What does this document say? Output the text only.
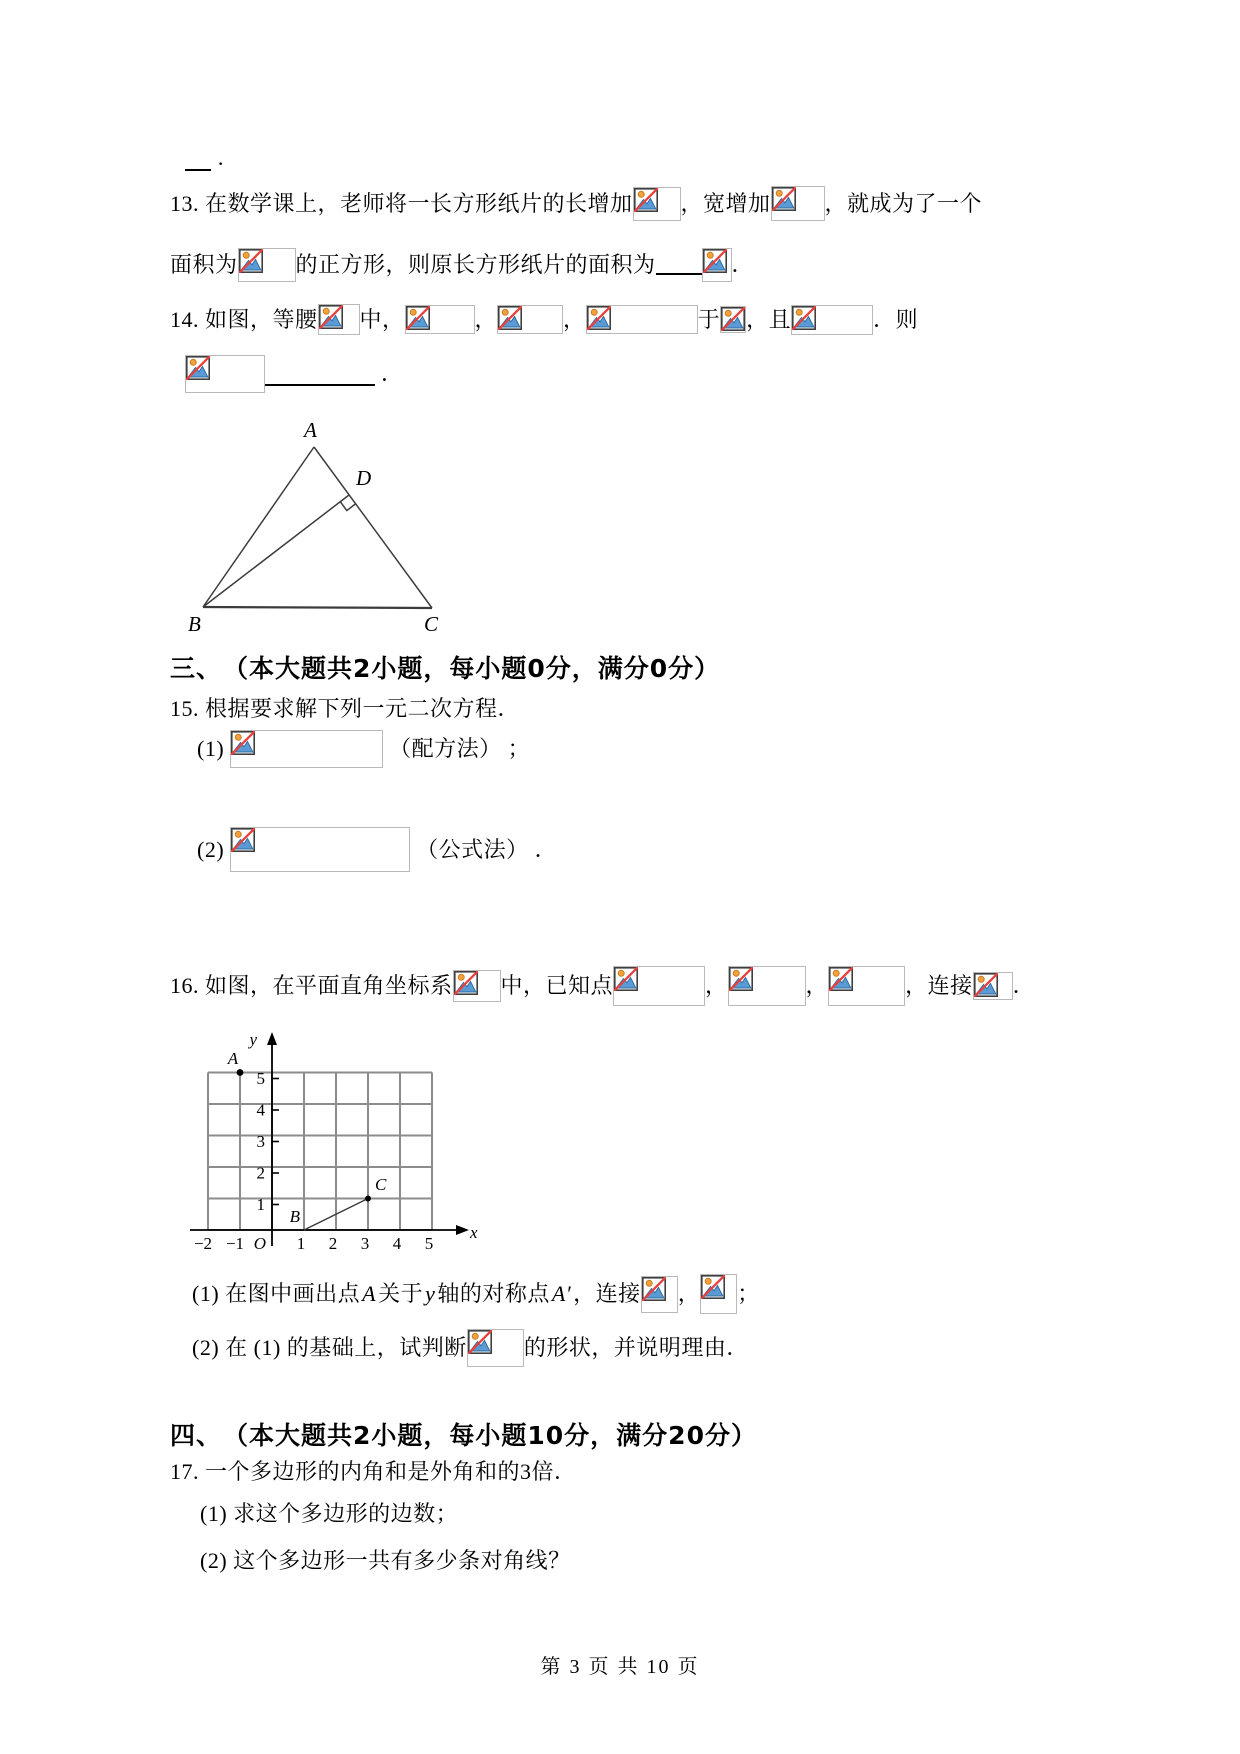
·
13. 在数学课上，老师将一长方形纸片的长增加

，宽增加

，就成为了一个
面积为

	的正方形，则原长方形纸片的面积为

	．
14. 如图，等腰

中，

	，

	，

	于

，且

	．则

．
A
B	C
D
三、　（本大题共2小题，每小题0分，满分0分）
15. 根据要求解下列一元二次方程．
(1)

	（配方法） ；
(2)

	（公式法） ．
16. 如图，在平面直角坐标系

中，已知点

	，

	，

	，连接

．
y
x
O
−2 −1	1 2 3 4 5
5
4
3
2
1
A
B
C
(1) 在图中画出点 A 关于 y 轴的对称点 A′ ，连接

，

；
(2) 在 (1) 的基础上，试判断

	的形状，并说明理由．
四、　（本大题共2小题，每小题10分，满分20分）
17. 一个多边形的内角和是外角和的3倍．
(1) 求这个多边形的边数；
(2) 这个多边形一共有多少条对角线？
第 3 页 共 10 页
